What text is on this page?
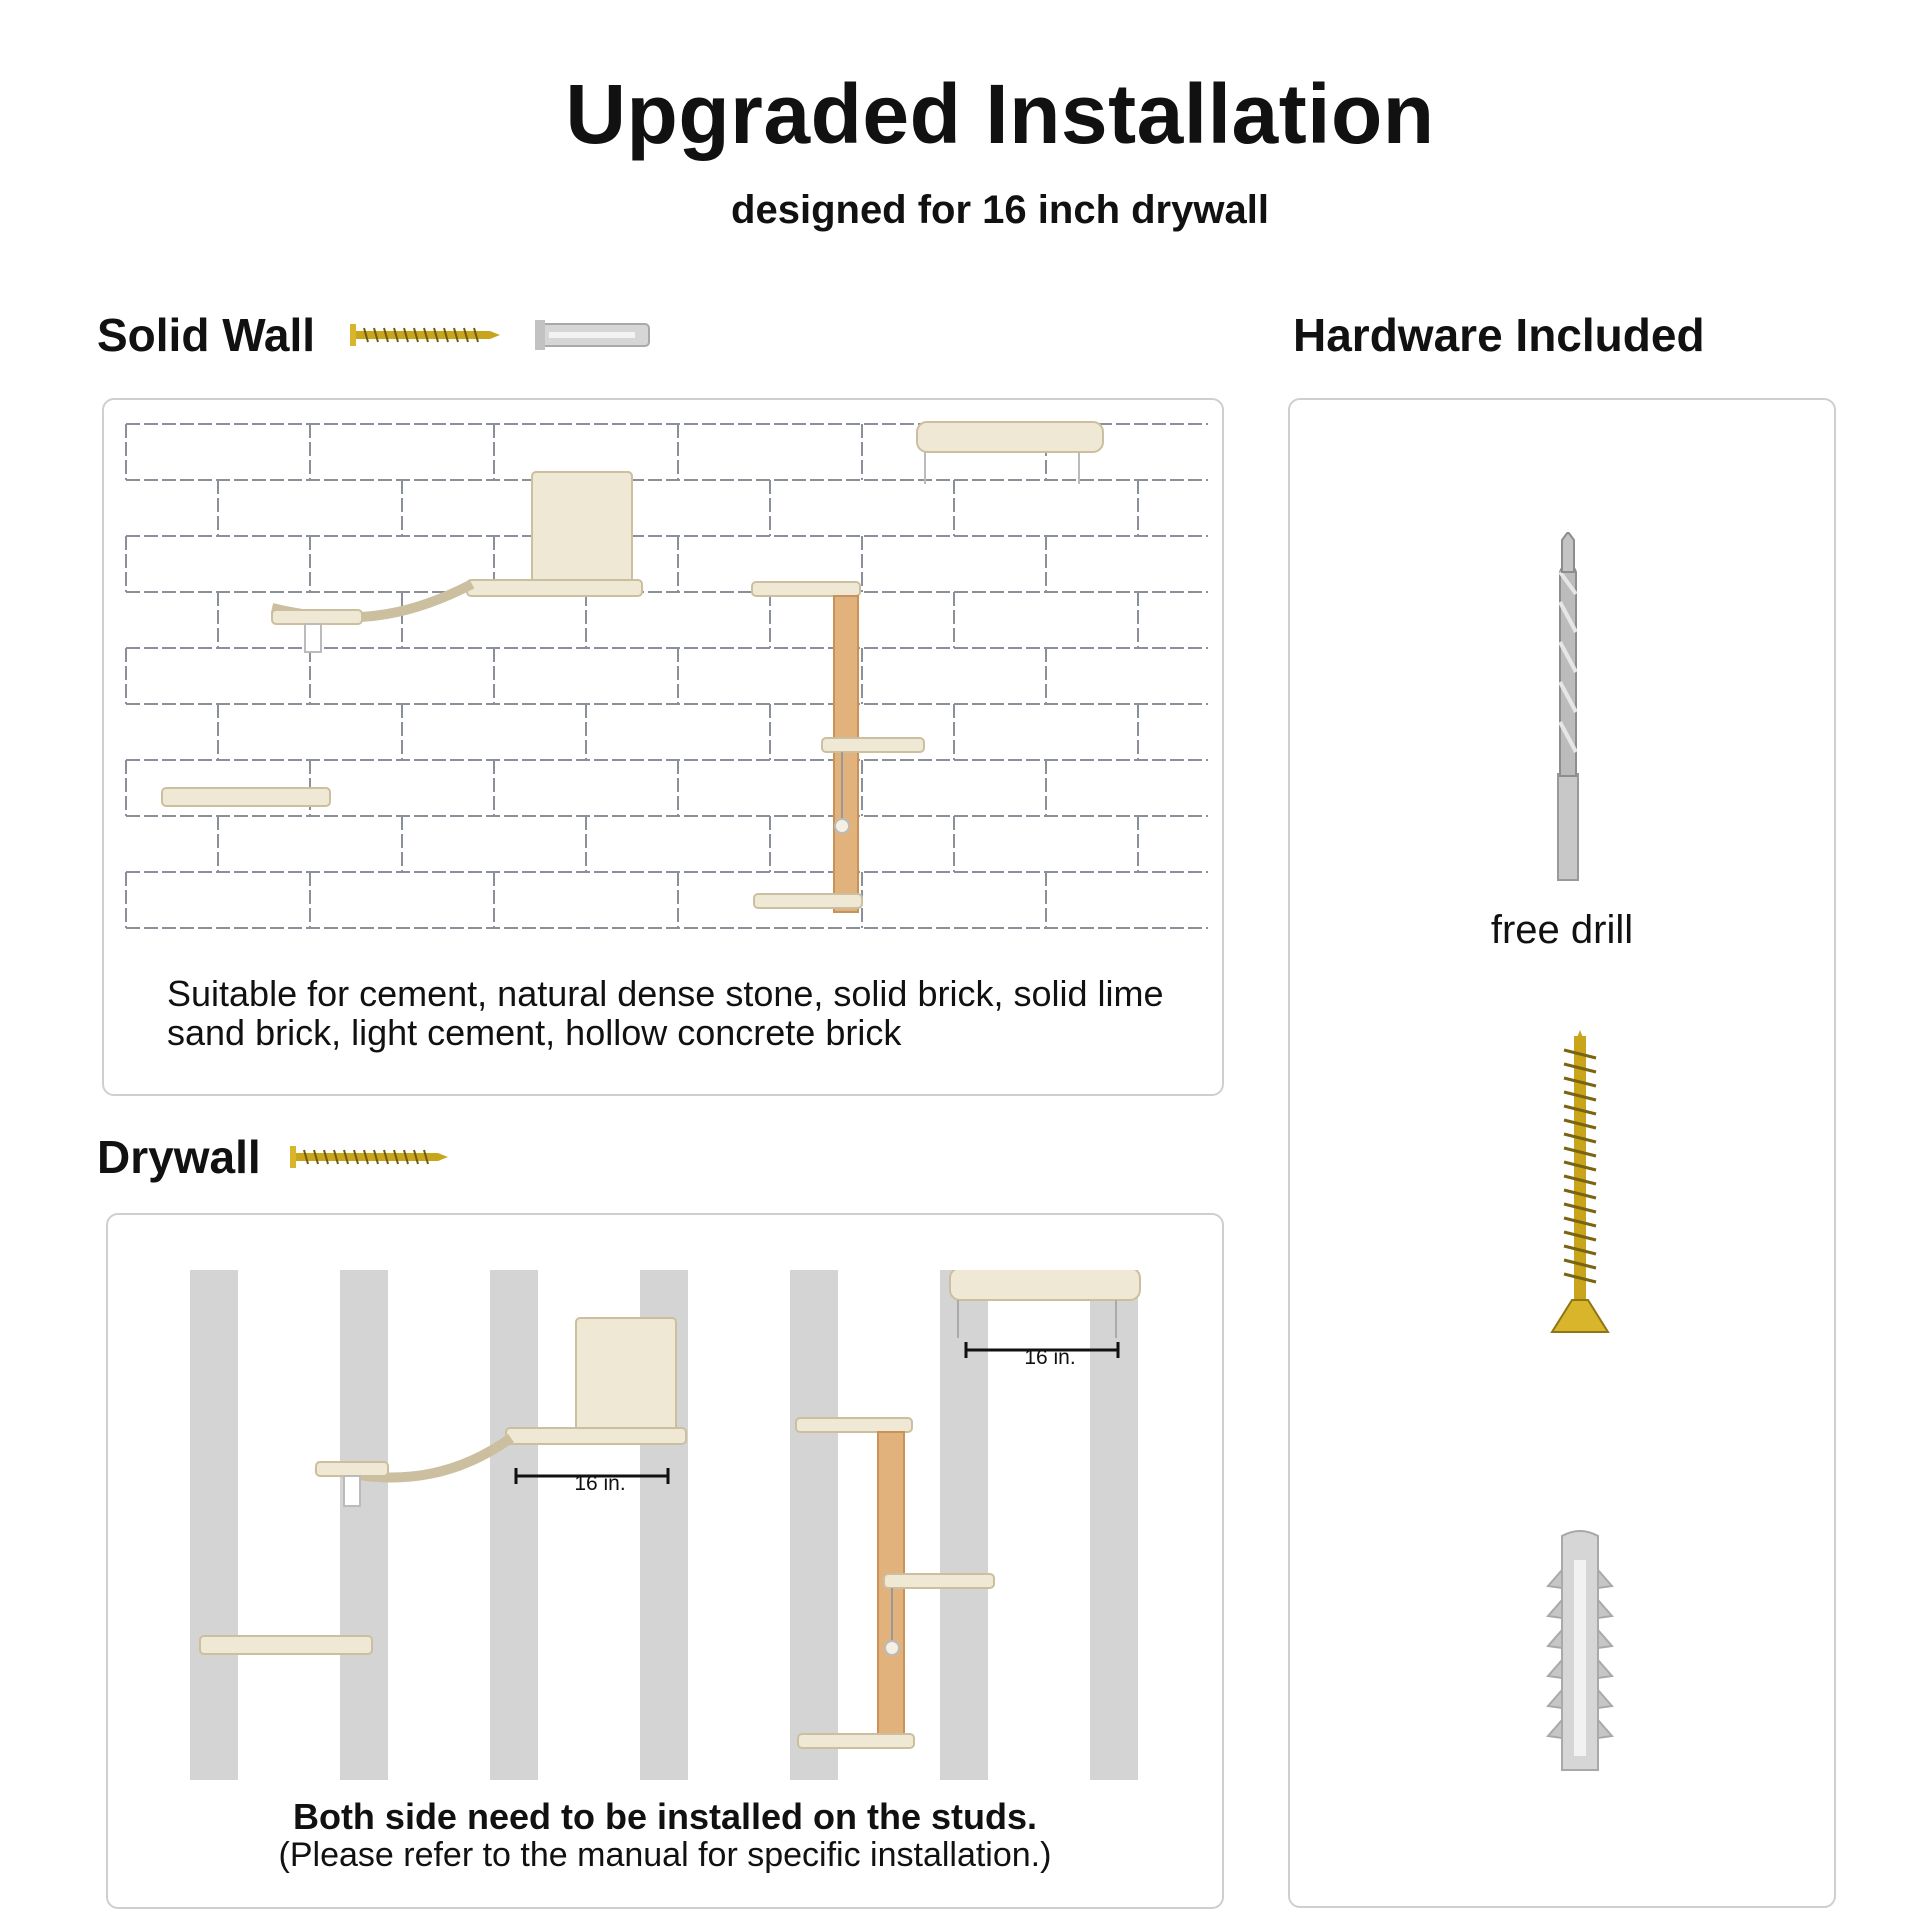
Upgraded Installation
designed for 16 inch drywall
Solid Wall	Hardware Included
Suitable for cement, natural dense stone, solid brick, solid lime sand brick, light cement, hollow concrete brick
free drill
Drywall
16 in.
16 in.
Both side need to be installed on the studs.
(Please refer to the manual for specific installation.)
